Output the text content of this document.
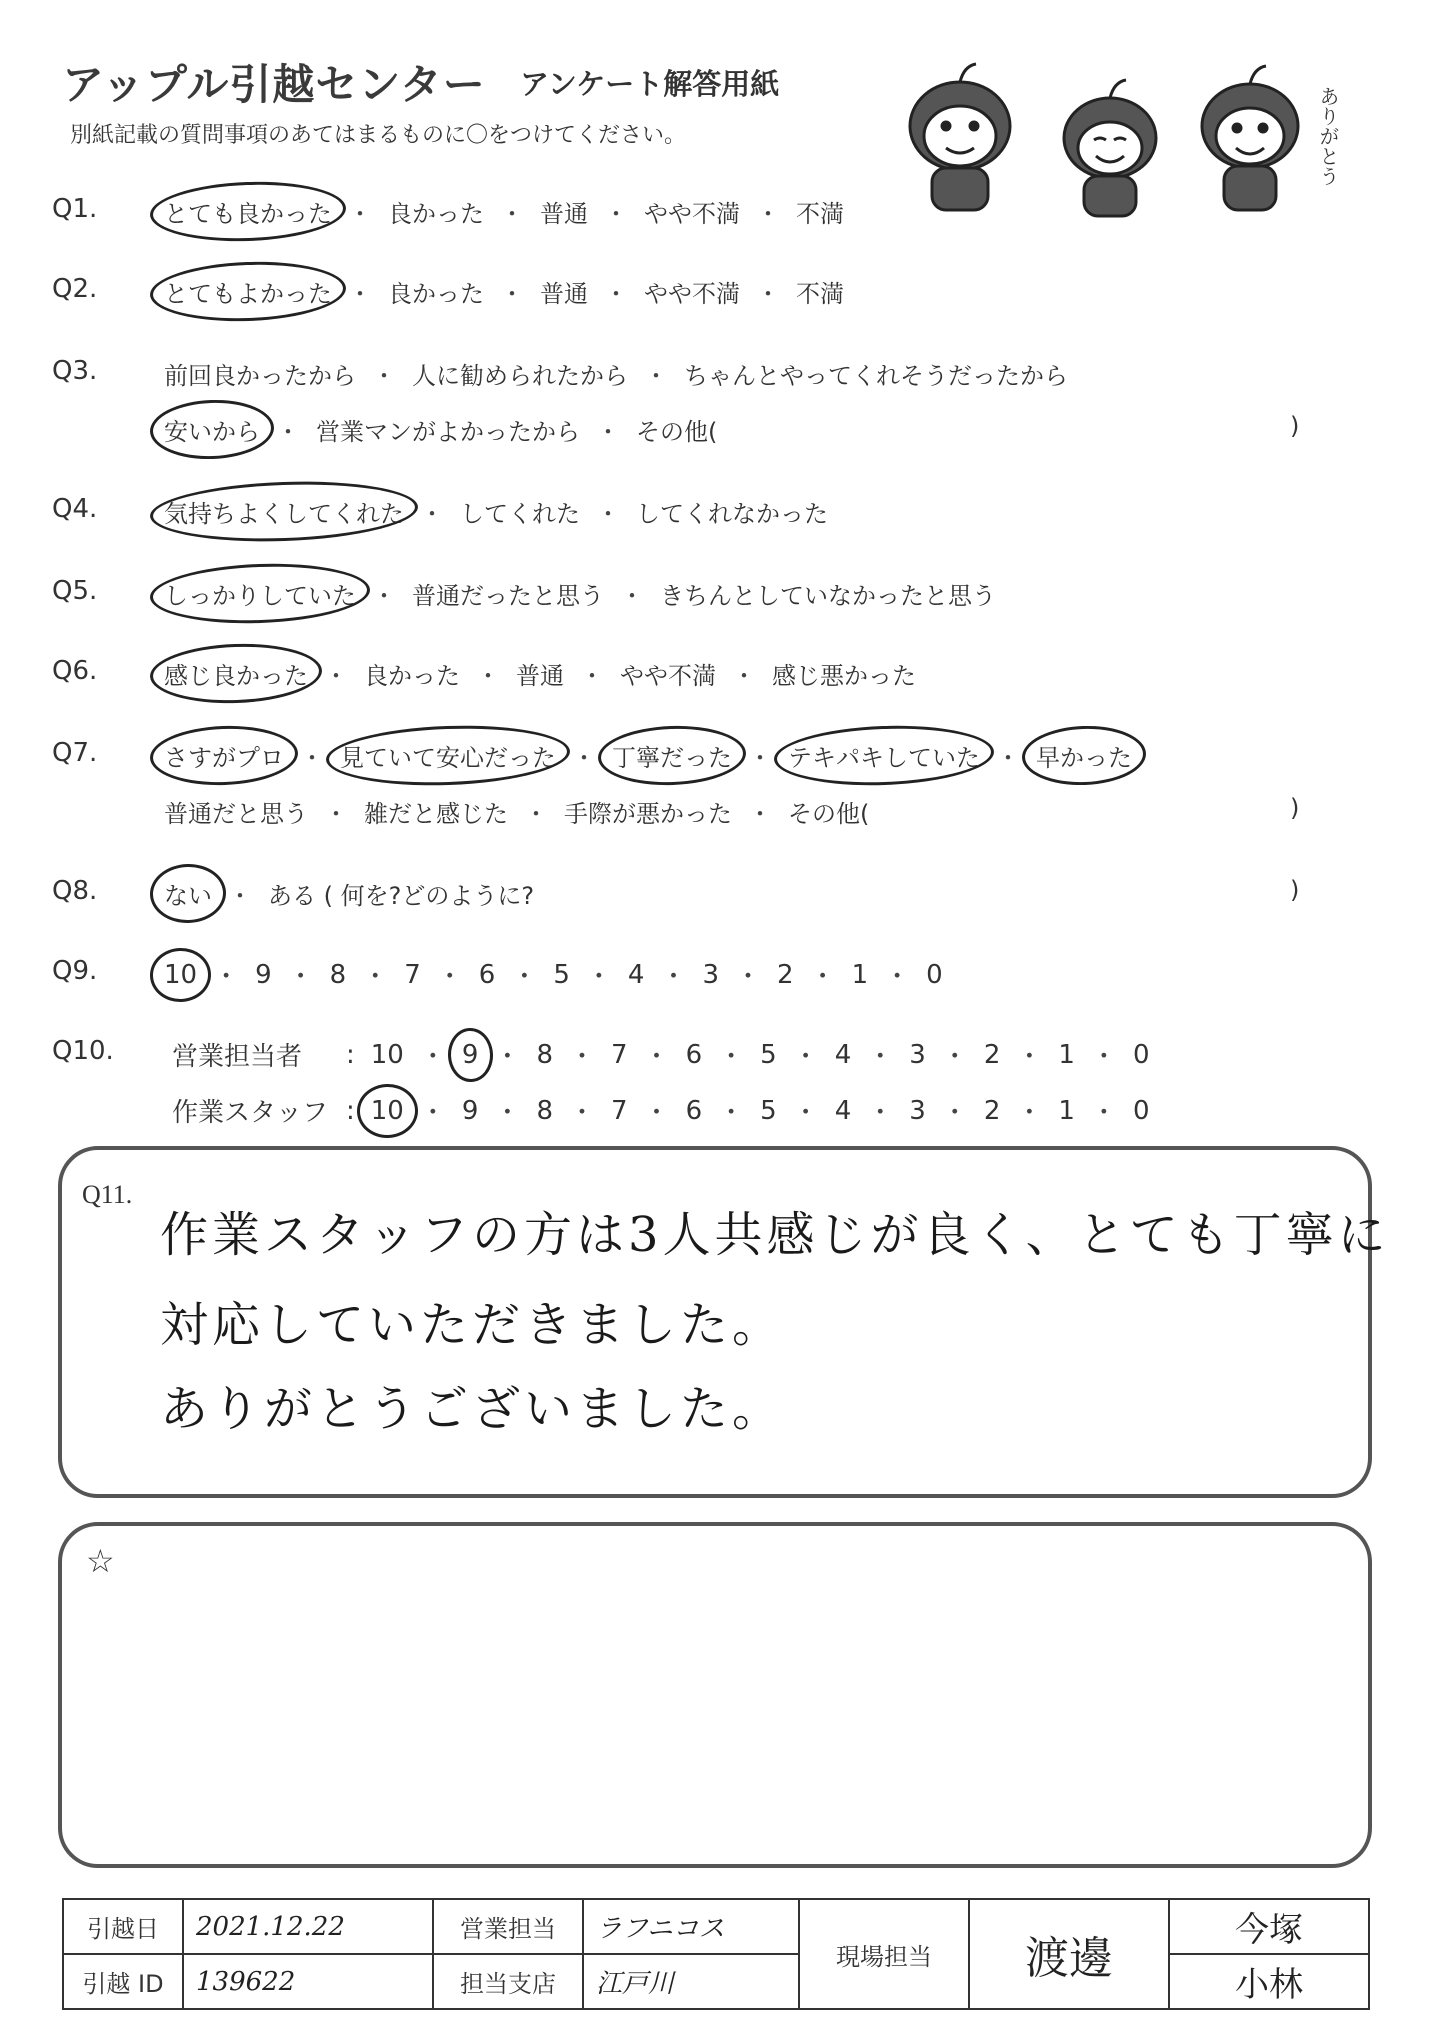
アップル引越センター アンケート解答用紙
別紙記載の質問事項のあてはまるものに〇をつけてください。	ありがとう
Q1.	とても良かった ・ 良かった ・ 普通 ・ やや不満 ・ 不満
Q2.	とてもよかった ・ 良かった ・ 普通 ・ やや不満 ・ 不満
Q3.	前回良かったから ・ 人に勧められたから ・ ちゃんとやってくれそうだったから
安いから ・ 営業マンがよかったから ・ その他(	)
Q4.	気持ちよくしてくれた ・ してくれた ・ してくれなかった
Q5.	しっかりしていた ・ 普通だったと思う ・ きちんとしていなかったと思う
Q6.	感じ良かった ・ 良かった ・ 普通 ・ やや不満 ・ 感じ悪かった
Q7.	さすがプロ ・ 見ていて安心だった ・ 丁寧だった ・ テキパキしていた ・ 早かった
普通だと思う ・ 雑だと感じた ・ 手際が悪かった ・ その他(	)
Q8.	ない ・ ある ( 何を?どのように?	)
Q9.	10 ・ 9 ・ 8 ・ 7 ・ 6 ・ 5 ・ 4 ・ 3 ・ 2 ・ 1 ・ 0
Q10. 営業担当者	: 10 ・ 9 ・ 8 ・ 7 ・ 6 ・ 5 ・ 4 ・ 3 ・ 2 ・ 1 ・ 0
作業スタッフ : 10 ・ 9 ・ 8 ・ 7 ・ 6 ・ 5 ・ 4 ・ 3 ・ 2 ・ 1 ・ 0
Q11.
作業スタッフの方は3人共感じが良く、とても丁寧に
対応していただきました。
ありがとうございました。
☆
引越日	2021.12.22	営業担当	ラフニコス	現場担当	渡邊	今塚
引越 ID	139622	担当支店	江戸川			小林
